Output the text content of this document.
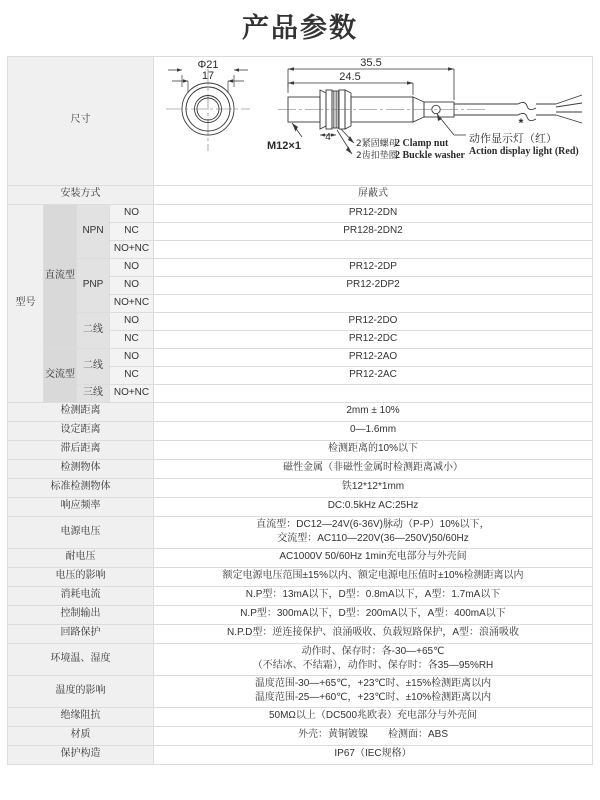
产品参数
尺寸	
Φ21
17
35.5
24.5
4
M12×1	2紧固螺母
2 Clamp nut
2齿扣垫圈
2 Buckle washer
*
动作显示灯（红）
Action display light (Red)

安装方式				屏蔽式
型号	直流型	NPN	NO	PR12-2DN
			NC	PR128-2DN2
			NO+NC	
		PNP	NO	PR12-2DP
			NO	PR12-2DP2
			NO+NC	
		二线	NO	PR12-2DO
			NC	PR12-2DC
	交流型	二线	NO	PR12-2AO
			NC	PR12-2AC
		三线	NO+NC	
检测距离				2mm ± 10%

设定距离				0—1.6mm

滞后距离				检测距离的10%以下

检测物体				磁性金属（非磁性金属时检测距离减小）

标准检测物体				铁12*12*1mm

响应频率				DC:0.5kHz AC:25Hz

电源电压				直流型：DC12—24V(6-36V)脉动（P-P）10%以下，
交流型：AC110—220V(36—250V)50/60Hz

耐电压				AC1000V 50/60Hz 1min充电部分与外壳间

电压的影响				额定电源电压范围±15%以内、额定电源电压值时±10%检测距离以内

消耗电流				N.P型：13mA以下，D型：0.8mA以下，A型：1.7mA以下

控制输出				N.P型：300mA以下，D型：200mA以下，A型：400mA以下

回路保护				N.P.D型：逆连接保护、浪涌吸收、负载短路保护，A型：浪涌吸收

环境温、湿度				动作时、保存时：各-30—+65℃
（不结冰、不结霜），动作时、保存时：各35—95%RH

温度的影响				温度范围-30—+65℃，+23℃时、±15%检测距离以内
温度范围-25—+60℃，+23℃时、±10%检测距离以内

绝缘阻抗				50MΩ以上（DC500兆欧表）充电部分与外壳间

材质				外壳：黄铜镀镍　　检测面：ABS

保护构造				IP67（IEC规格）
